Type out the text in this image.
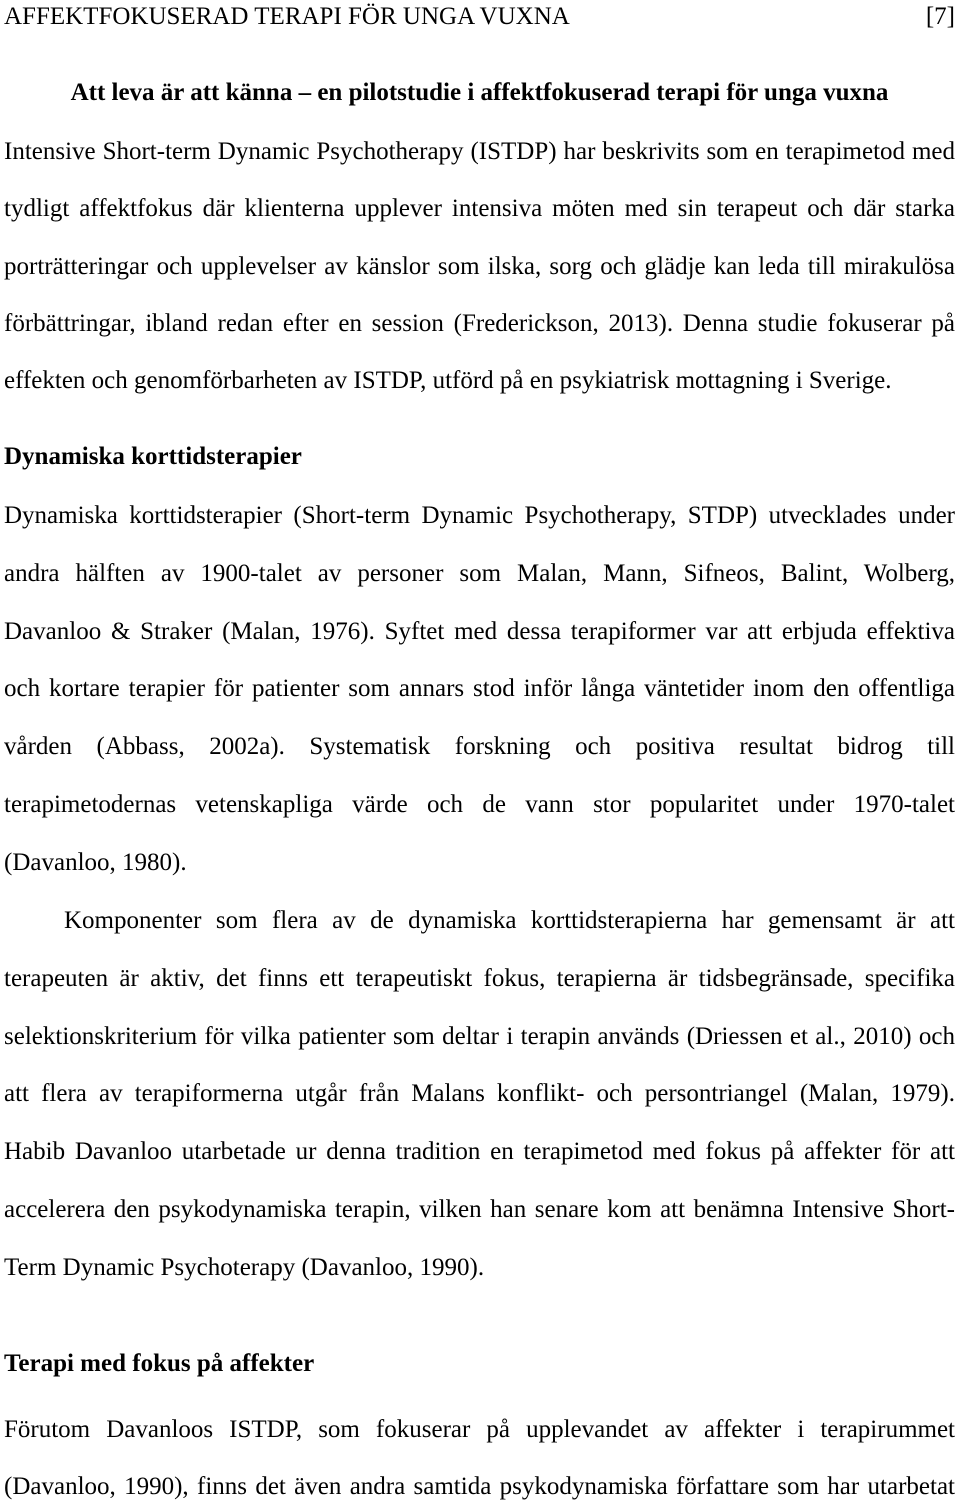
AFFEKTFOKUSERAD TERAPI FÖR UNGA VUXNA	[7]
Att leva är att känna – en pilotstudie i affektfokuserad terapi för unga vuxna
Intensive Short-term Dynamic Psychotherapy (ISTDP) har beskrivits som en terapimetod med
tydligt affektfokus där klienterna upplever intensiva möten med sin terapeut och där starka
porträtteringar och upplevelser av känslor som ilska, sorg och glädje kan leda till mirakulösa
förbättringar, ibland redan efter en session (Frederickson, 2013). Denna studie fokuserar på
effekten och genomförbarheten av ISTDP, utförd på en psykiatrisk mottagning i Sverige.
Dynamiska korttidsterapier
Dynamiska korttidsterapier (Short-term Dynamic Psychotherapy, STDP) utvecklades under
andra hälften av 1900-talet av personer som Malan, Mann, Sifneos, Balint, Wolberg,
Davanloo & Straker (Malan, 1976). Syftet med dessa terapiformer var att erbjuda effektiva
och kortare terapier för patienter som annars stod inför långa väntetider inom den offentliga
vården (Abbass, 2002a). Systematisk forskning och positiva resultat bidrog till
terapimetodernas vetenskapliga värde och de vann stor popularitet under 1970-talet
(Davanloo, 1980).
Komponenter som flera av de dynamiska korttidsterapierna har gemensamt är att
terapeuten är aktiv, det finns ett terapeutiskt fokus, terapierna är tidsbegränsade, specifika
selektionskriterium för vilka patienter som deltar i terapin används (Driessen et al., 2010) och
att flera av terapiformerna utgår från Malans konflikt- och persontriangel (Malan, 1979).
Habib Davanloo utarbetade ur denna tradition en terapimetod med fokus på affekter för att
accelerera den psykodynamiska terapin, vilken han senare kom att benämna Intensive Short-
Term Dynamic Psychoterapy (Davanloo, 1990).
Terapi med fokus på affekter
Förutom Davanloos ISTDP, som fokuserar på upplevandet av affekter i terapirummet
(Davanloo, 1990), finns det även andra samtida psykodynamiska författare som har utarbetat
